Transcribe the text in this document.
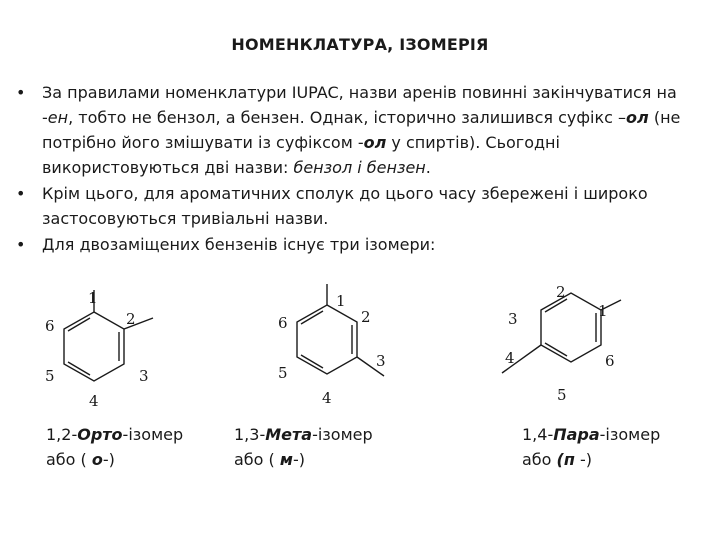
НОМЕНКЛАТУРА, ІЗОМЕРІЯ
•	За правилами номенклатури IUPAC, назви аренів повинні закінчуватися на -ен, тобто не бензол, а бензен. Однак, історично залишився суфікс –ол (не потрібно його змішувати із суфіксом -ол у спиртів). Сьогодні використовуються дві назви: бензол і бензен.
•	Крім цього, для ароматичних сполук до цього часу збережені і широко застосовуються тривіальні назви.
•	Для двозаміщених бензенів існує три ізомери:
1
2
3
4
5
6
1
2
3
4
5
6
1
2
3
4
5
6
1,2-Орто-ізомер
або ( о-)
1,3-Мета-ізомер
або ( м-)
1,4-Пара-ізомер
або (п -)
